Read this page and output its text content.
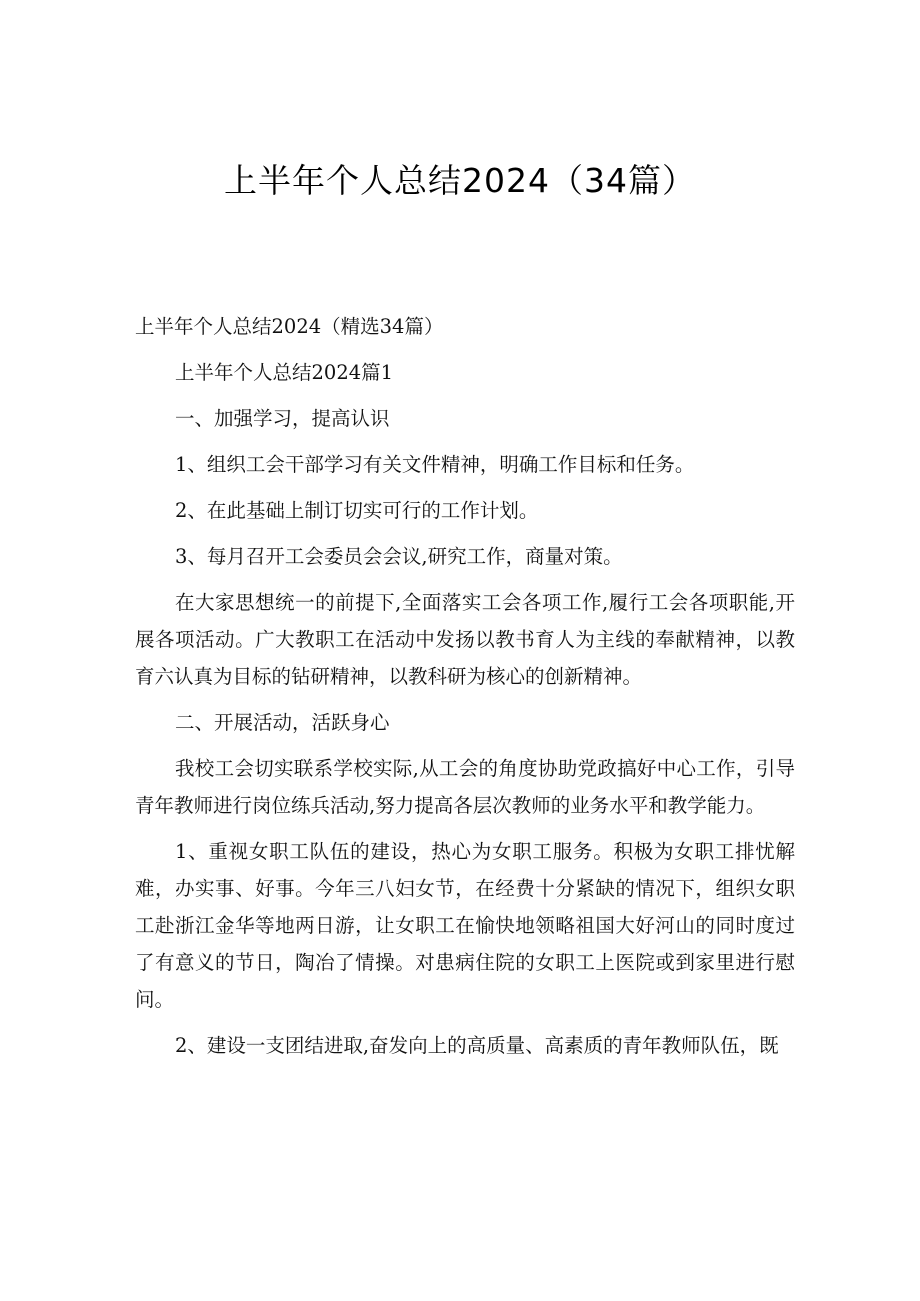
上半年个人总结2024（34篇）

上半年个人总结2024（精选34篇）

上半年个人总结2024篇1

一、加强学习，提高认识

1、组织工会干部学习有关文件精神，明确工作目标和任务。

2、在此基础上制订切实可行的工作计划。

3、每月召开工会委员会会议,研究工作，商量对策。

在大家思想统一的前提下,全面落实工会各项工作,履行工会各项职能,开展各项活动。广大教职工在活动中发扬以教书育人为主线的奉献精神，以教育六认真为目标的钻研精神，以教科研为核心的创新精神。

二、开展活动，活跃身心

我校工会切实联系学校实际,从工会的角度协助党政搞好中心工作，引导青年教师进行岗位练兵活动,努力提高各层次教师的业务水平和教学能力。

1、重视女职工队伍的建设，热心为女职工服务。积极为女职工排忧解难，办实事、好事。今年三八妇女节，在经费十分紧缺的情况下，组织女职工赴浙江金华等地两日游，让女职工在愉快地领略祖国大好河山的同时度过了有意义的节日，陶冶了情操。对患病住院的女职工上医院或到家里进行慰问。

2、建设一支团结进取,奋发向上的高质量、高素质的青年教师队伍，既
